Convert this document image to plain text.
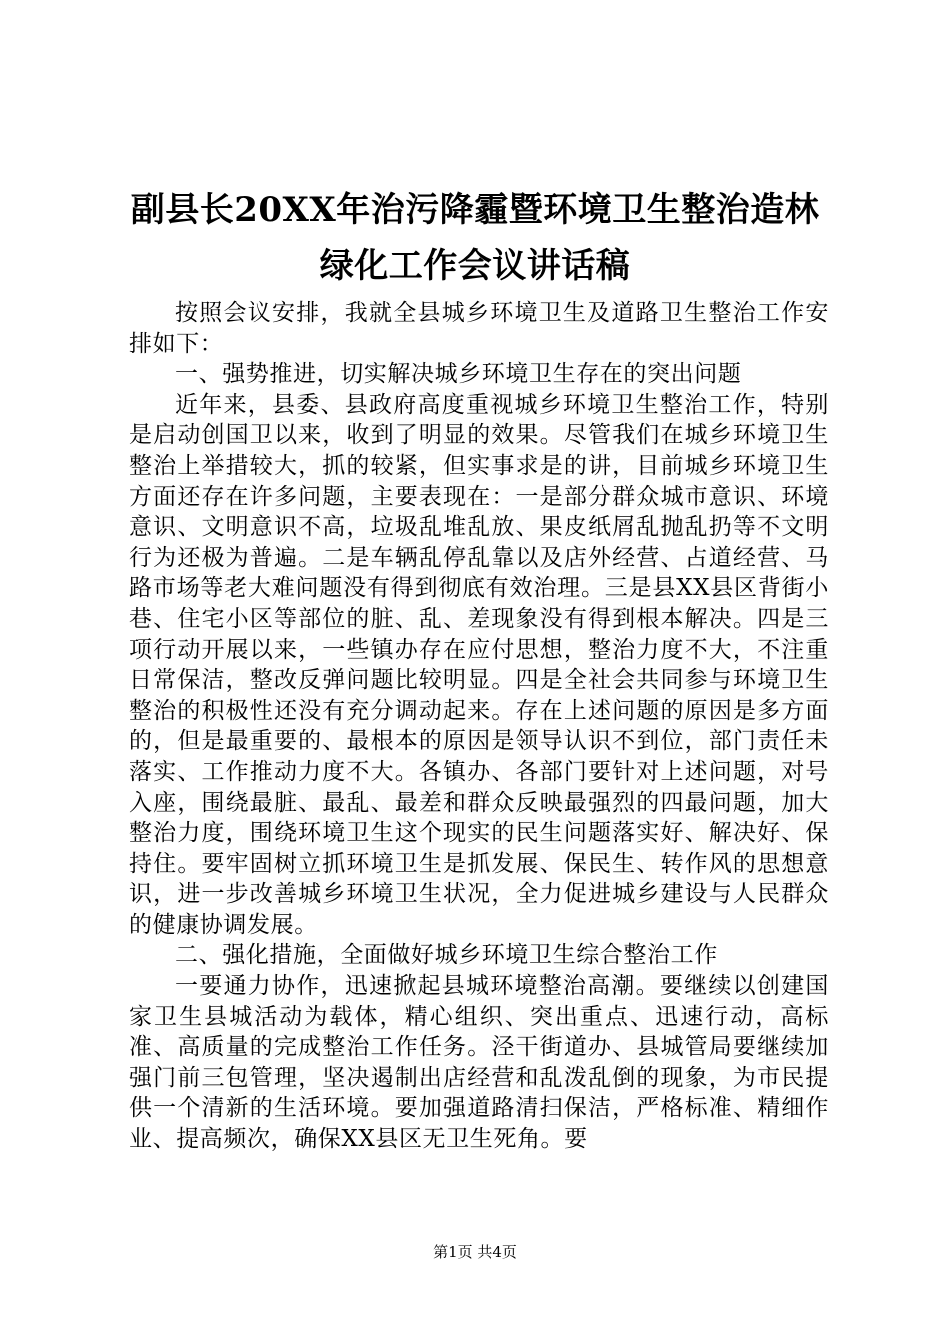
副县长20XX年治污降霾暨环境卫生整治造林
绿化工作会议讲话稿

按照会议安排，我就全县城乡环境卫生及道路卫生整治工作安排如下：

一、强势推进，切实解决城乡环境卫生存在的突出问题

近年来，县委、县政府高度重视城乡环境卫生整治工作，特别是启动创国卫以来，收到了明显的效果。尽管我们在城乡环境卫生整治上举措较大，抓的较紧，但实事求是的讲，目前城乡环境卫生方面还存在许多问题，主要表现在：一是部分群众城市意识、环境意识、文明意识不高，垃圾乱堆乱放、果皮纸屑乱抛乱扔等不文明行为还极为普遍。二是车辆乱停乱靠以及店外经营、占道经营、马路市场等老大难问题没有得到彻底有效治理。三是县XX县区背街小巷、住宅小区等部位的脏、乱、差现象没有得到根本解决。四是三项行动开展以来，一些镇办存在应付思想，整治力度不大，不注重日常保洁，整改反弹问题比较明显。四是全社会共同参与环境卫生整治的积极性还没有充分调动起来。存在上述问题的原因是多方面的，但是最重要的、最根本的原因是领导认识不到位，部门责任未落实、工作推动力度不大。各镇办、各部门要针对上述问题，对号入座，围绕最脏、最乱、最差和群众反映最强烈的四最问题，加大整治力度，围绕环境卫生这个现实的民生问题落实好、解决好、保持住。要牢固树立抓环境卫生是抓发展、保民生、转作风的思想意识，进一步改善城乡环境卫生状况，全力促进城乡建设与人民群众的健康协调发展。

二、强化措施，全面做好城乡环境卫生综合整治工作

一要通力协作，迅速掀起县城环境整治高潮。要继续以创建国家卫生县城活动为载体，精心组织、突出重点、迅速行动，高标准、高质量的完成整治工作任务。泾干街道办、县城管局要继续加强门前三包管理，坚决遏制出店经营和乱泼乱倒的现象，为市民提供一个清新的生活环境。要加强道路清扫保洁，严格标准、精细作业、提高频次，确保XX县区无卫生死角。要

第1页 共4页
